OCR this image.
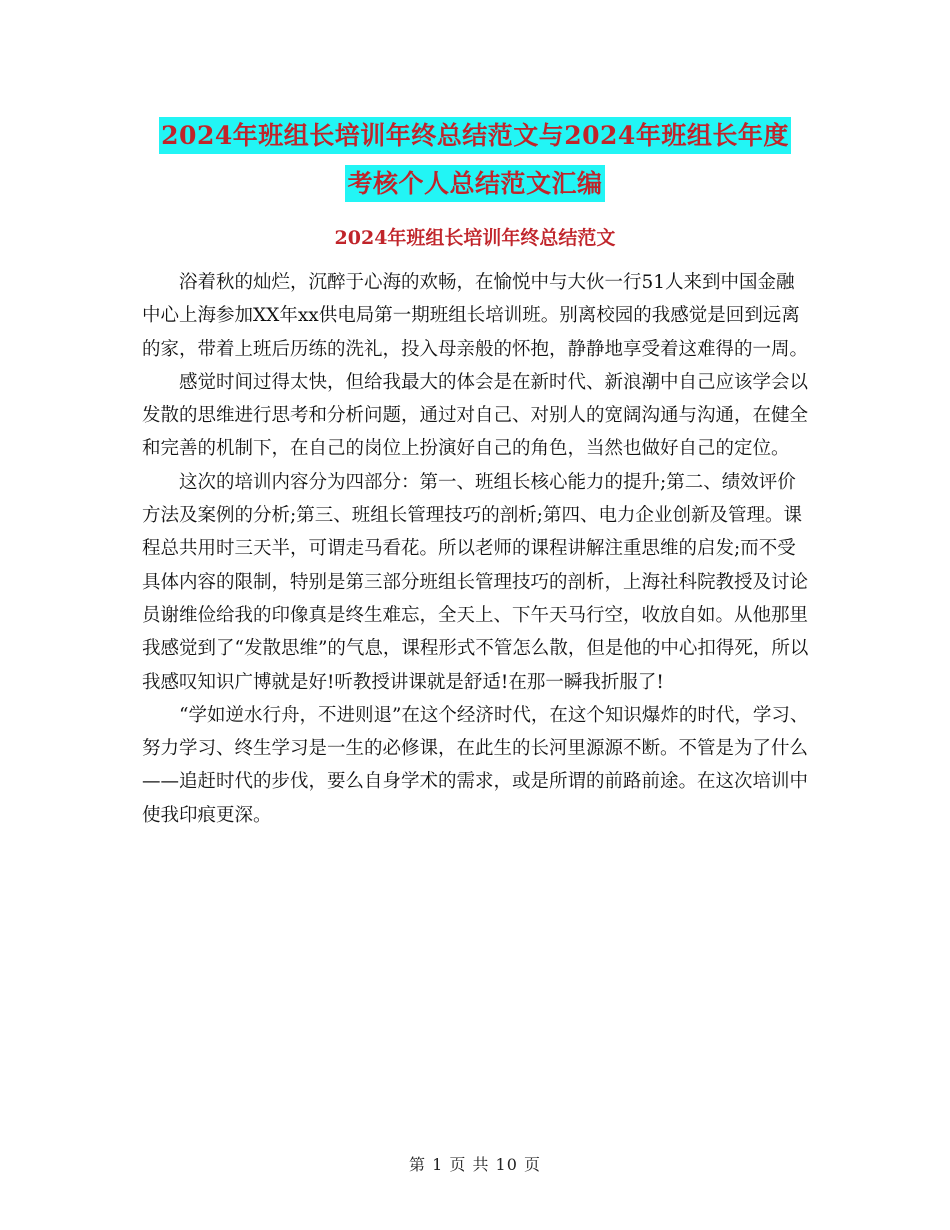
2024年班组长培训年终总结范文与2024年班组长年度
考核个人总结范文汇编
2024年班组长培训年终总结范文

浴着秋的灿烂，沉醉于心海的欢畅，在愉悦中与大伙一行51人来到中国金融中心上海参加XX年xx供电局第一期班组长培训班。别离校园的我感觉是回到远离的家，带着上班后历练的洗礼，投入母亲般的怀抱，静静地享受着这难得的一周。

感觉时间过得太快，但给我最大的体会是在新时代、新浪潮中自己应该学会以发散的思维进行思考和分析问题，通过对自己、对别人的宽阔沟通与沟通，在健全和完善的机制下，在自己的岗位上扮演好自己的角色，当然也做好自己的定位。

这次的培训内容分为四部分：第一、班组长核心能力的提升;第二、绩效评价方法及案例的分析;第三、班组长管理技巧的剖析;第四、电力企业创新及管理。课程总共用时三天半，可谓走马看花。所以老师的课程讲解注重思维的启发;而不受具体内容的限制，特别是第三部分班组长管理技巧的剖析，上海社科院教授及讨论员谢维俭给我的印像真是终生难忘，全天上、下午天马行空，收放自如。从他那里我感觉到了“发散思维”的气息，课程形式不管怎么散，但是他的中心扣得死，所以我感叹知识广博就是好!听教授讲课就是舒适!在那一瞬我折服了!

“学如逆水行舟，不进则退”在这个经济时代，在这个知识爆炸的时代，学习、努力学习、终生学习是一生的必修课，在此生的长河里源源不断。不管是为了什么——追赶时代的步伐，要么自身学术的需求，或是所谓的前路前途。在这次培训中使我印痕更深。

第 1 页 共 10 页
